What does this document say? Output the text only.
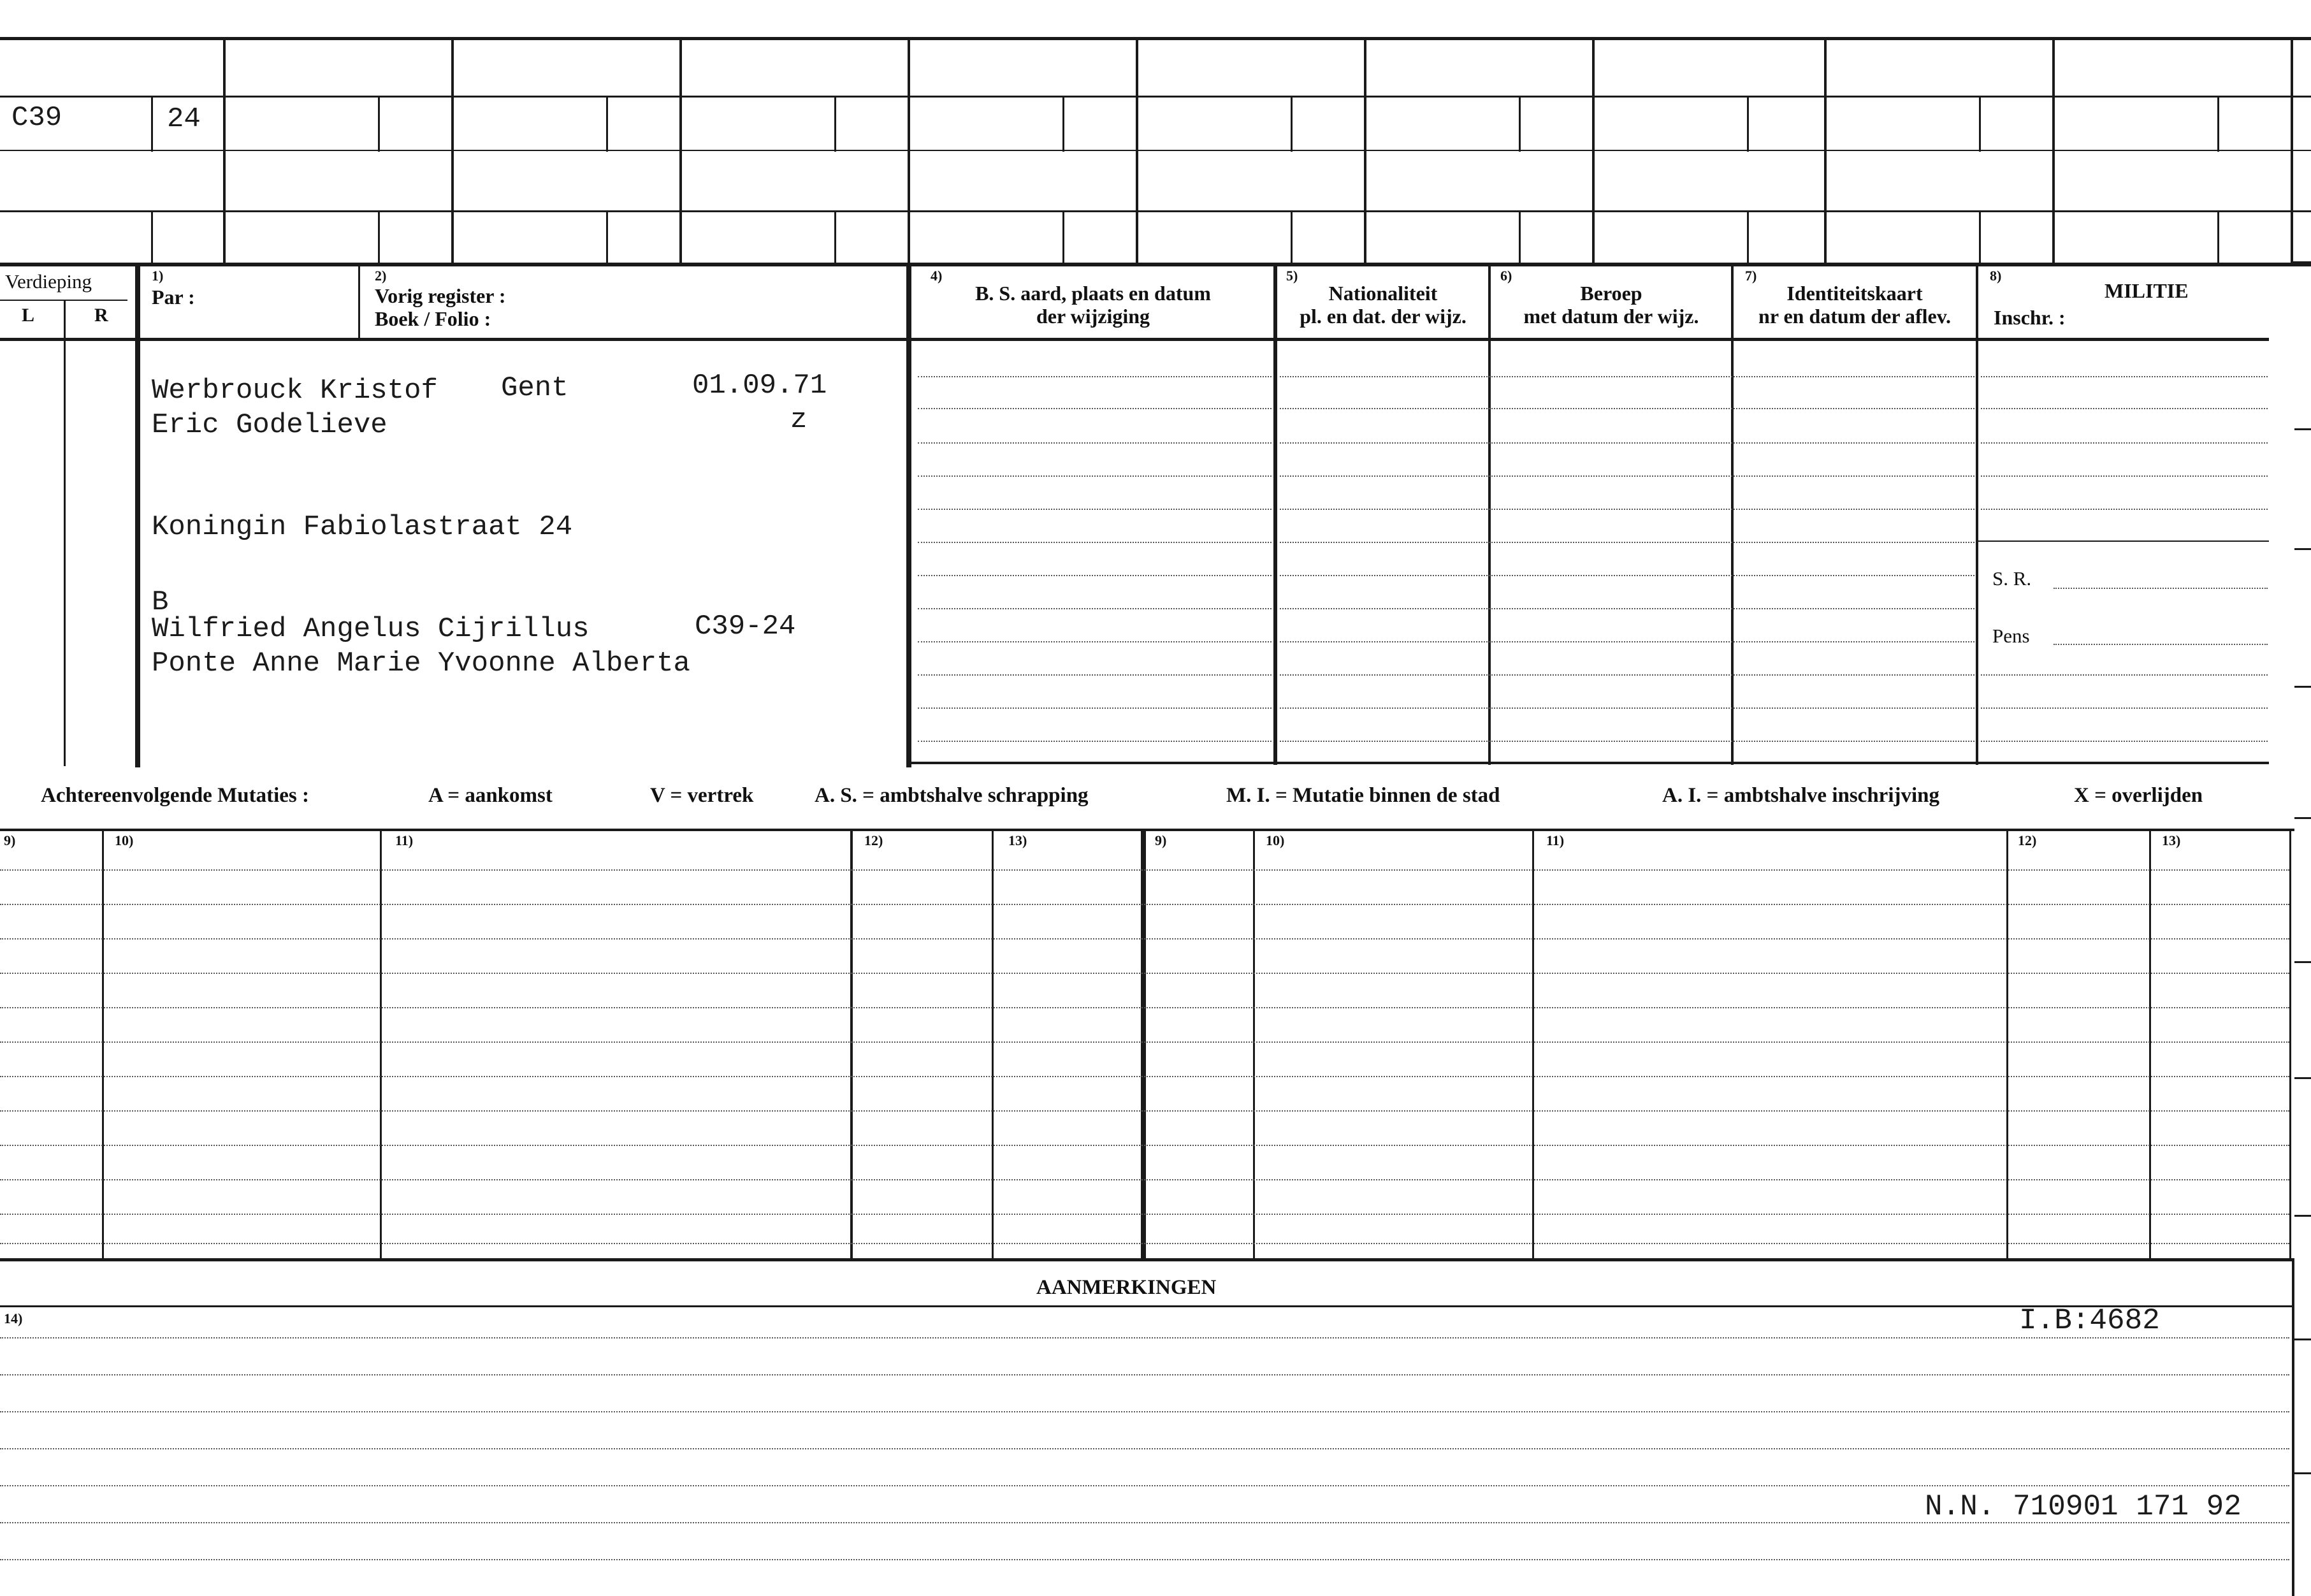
C39	24
Verdieping
L	R
1)
Par :
2)
Vorig register :
Boek / Folio :
4)
B. S. aard, plaats en datum
der wijziging
5)
Nationaliteit
pl. en dat. der wijz.
6)
Beroep
met datum der wijz.
7)
Identiteitskaart
nr en datum der aflev.
8)
MILITIE
Inschr. :
S. R.
Pens
Werbrouck Kristof Gent	01.09.71
Eric Godelieve	z
Koningin Fabiolastraat 24
B
Wilfried Angelus Cijrillus	C39-24
Ponte Anne Marie Yvoonne Alberta
Achtereenvolgende Mutaties :	A = aankomst	V = vertrek	A. S. = ambtshalve schrapping	M. I. = Mutatie binnen de stad	A. I. = ambtshalve inschrijving	X = overlijden
9)	10)	11)	12)	13)	9)	10)	11)	12)	13)
AANMERKINGEN
14)	I.B:4682
N.N. 710901 171 92
